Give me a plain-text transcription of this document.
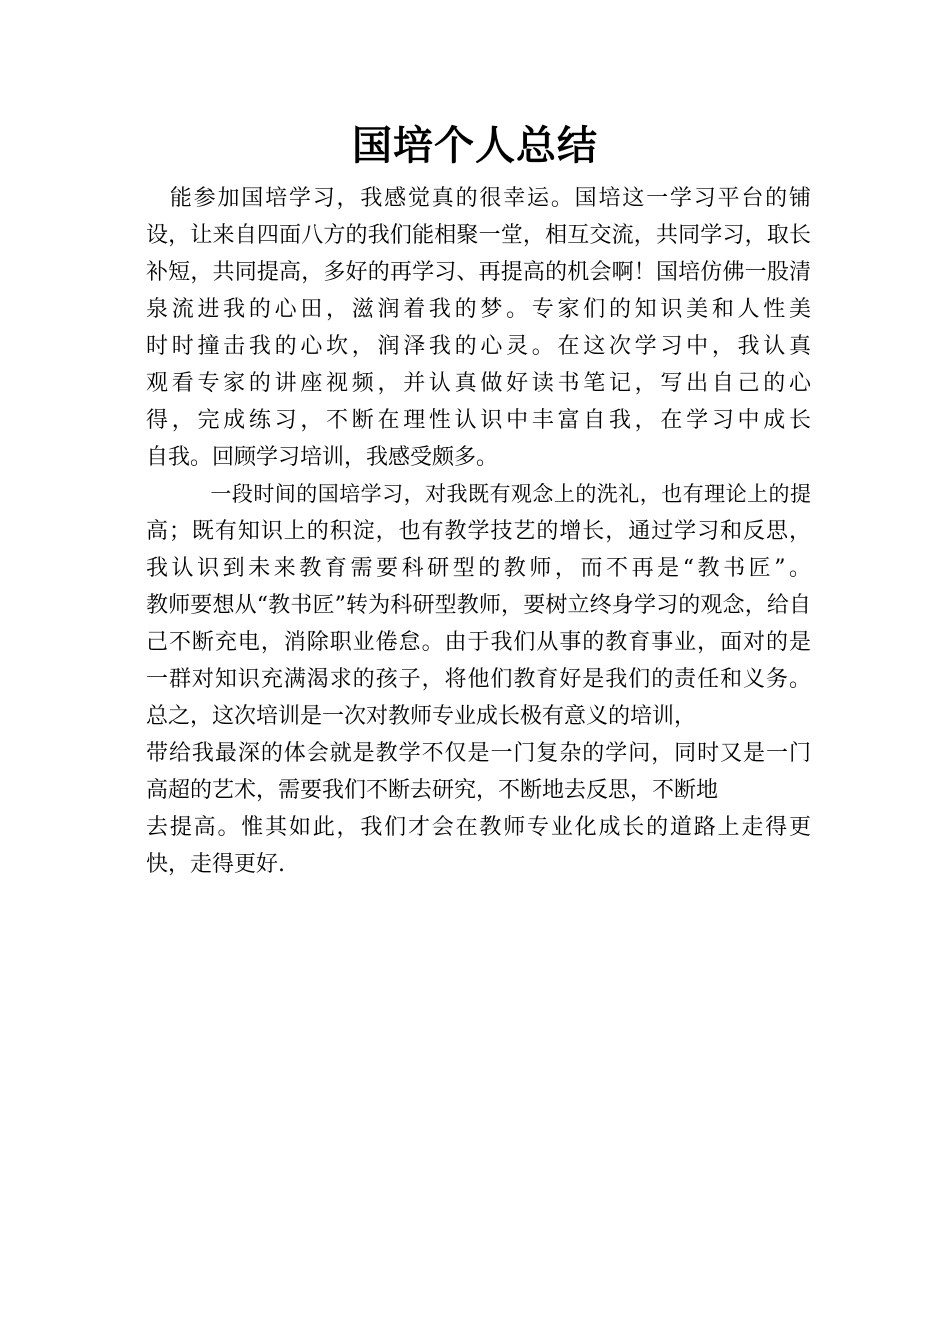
国培个人总结
　能参加国培学习，我感觉真的很幸运。国培这一学习平台的铺
设，让来自四面八方的我们能相聚一堂，相互交流，共同学习，取长
补短，共同提高，多好的再学习、再提高的机会啊！国培仿佛一股清
泉流进我的心田，滋润着我的梦。专家们的知识美和人性美
时时撞击我的心坎，润泽我的心灵。在这次学习中，我认真
观看专家的讲座视频，并认真做好读书笔记，写出自己的心
得，完成练习，不断在理性认识中丰富自我，在学习中成长
自我。回顾学习培训，我感受颇多。
　　　一段时间的国培学习，对我既有观念上的洗礼，也有理论上的提
高；既有知识上的积淀，也有教学技艺的增长，通过学习和反思，
我认识到未来教育需要科研型的教师，而不再是“教书匠”。
教师要想从“教书匠”转为科研型教师，要树立终身学习的观念，给自
己不断充电，消除职业倦怠。由于我们从事的教育事业，面对的是
一群对知识充满渴求的孩子，将他们教育好是我们的责任和义务。
总之，这次培训是一次对教师专业成长极有意义的培训，
带给我最深的体会就是教学不仅是一门复杂的学问，同时又是一门
高超的艺术，需要我们不断去研究，不断地去反思，不断地
去提高。惟其如此，我们才会在教师专业化成长的道路上走得更
快，走得更好.
